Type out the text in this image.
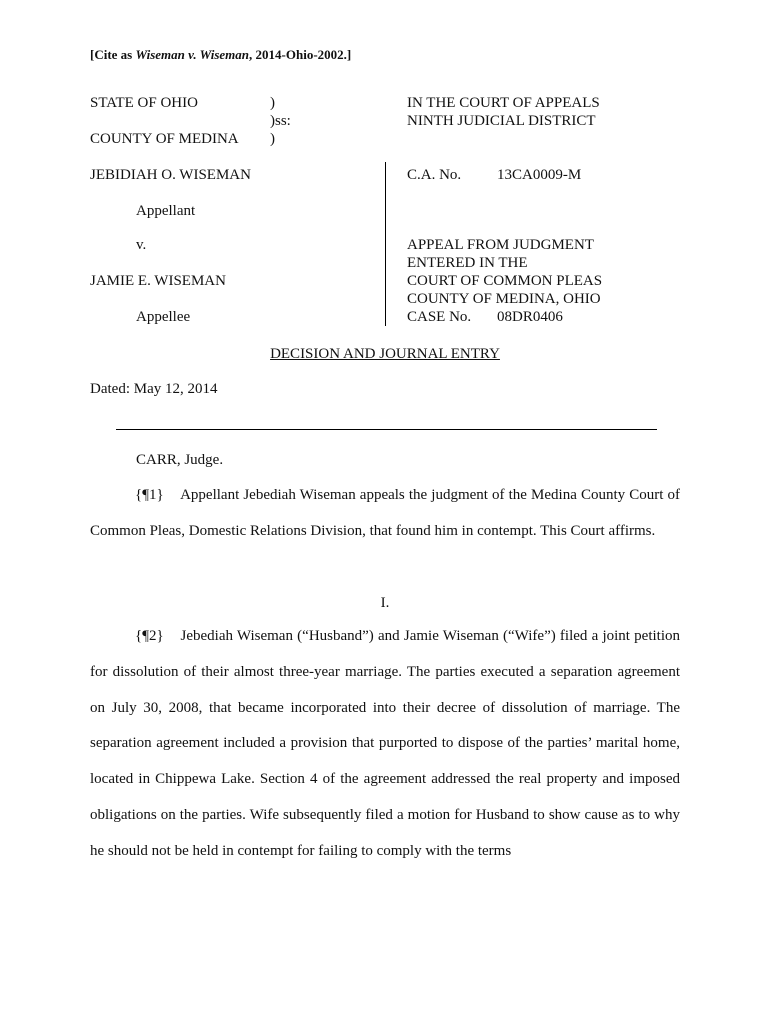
[Cite as Wiseman v. Wiseman, 2014-Ohio-2002.]
STATE OF OHIO	)
)ss:
COUNTY OF MEDINA )
IN THE COURT OF APPEALS
NINTH JUDICIAL DISTRICT
JEBIDIAH O. WISEMAN
Appellant
v.
JAMIE E. WISEMAN
Appellee
C.A. No. 13CA0009-M
APPEAL FROM JUDGMENT
ENTERED IN THE
COURT OF COMMON PLEAS
COUNTY OF MEDINA, OHIO
CASE No. 08DR0406
DECISION AND JOURNAL ENTRY
Dated: May 12, 2014
CARR, Judge.
{¶1} Appellant Jebediah Wiseman appeals the judgment of the Medina County Court of Common Pleas, Domestic Relations Division, that found him in contempt. This Court affirms.
I.
{¶2} Jebediah Wiseman (“Husband”) and Jamie Wiseman (“Wife”) filed a joint petition for dissolution of their almost three-year marriage. The parties executed a separation agreement on July 30, 2008, that became incorporated into their decree of dissolution of marriage. The separation agreement included a provision that purported to dispose of the parties’ marital home, located in Chippewa Lake. Section 4 of the agreement addressed the real property and imposed obligations on the parties. Wife subsequently filed a motion for Husband to show cause as to why he should not be held in contempt for failing to comply with the terms
